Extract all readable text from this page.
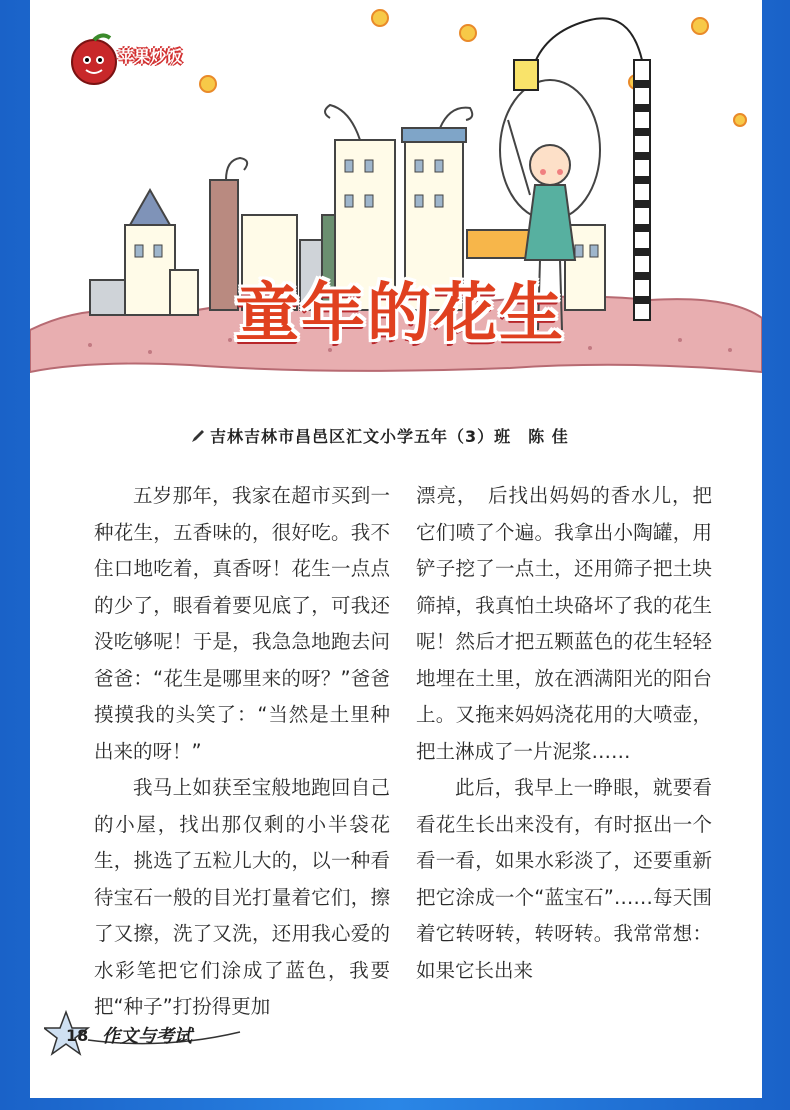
苹果炒饭
童年的花生
吉林吉林市昌邑区汇文小学五年（3）班　陈 佳

五岁那年，我家在超市买到一种花生，五香味的，很好吃。我不住口地吃着，真香呀！花生一点点的少了，眼看着要见底了，可我还没吃够呢！于是，我急急地跑去问爸爸：“花生是哪里来的呀？”爸爸摸摸我的头笑了：“当然是土里种出来的呀！”

我马上如获至宝般地跑回自己的小屋，找出那仅剩的小半袋花生，挑选了五粒儿大的，以一种看待宝石一般的目光打量着它们，擦了又擦，洗了又洗，还用我心爱的水彩笔把它们涂成了蓝色，我要把“种子”打扮得更加

漂亮，　后找出妈妈的香水儿，把它们喷了个遍。我拿出小陶罐，用铲子挖了一点土，还用筛子把土块筛掉，我真怕土块硌坏了我的花生呢！然后才把五颗蓝色的花生轻轻地埋在土里，放在洒满阳光的阳台上。又拖来妈妈浇花用的大喷壶，把土淋成了一片泥浆……

此后，我早上一睁眼，就要看看花生长出来没有，有时抠出一个看一看，如果水彩淡了，还要重新把它涂成一个“蓝宝石”……每天围着它转呀转，转呀转。我常常想：如果它长出来

18 作文与考试
